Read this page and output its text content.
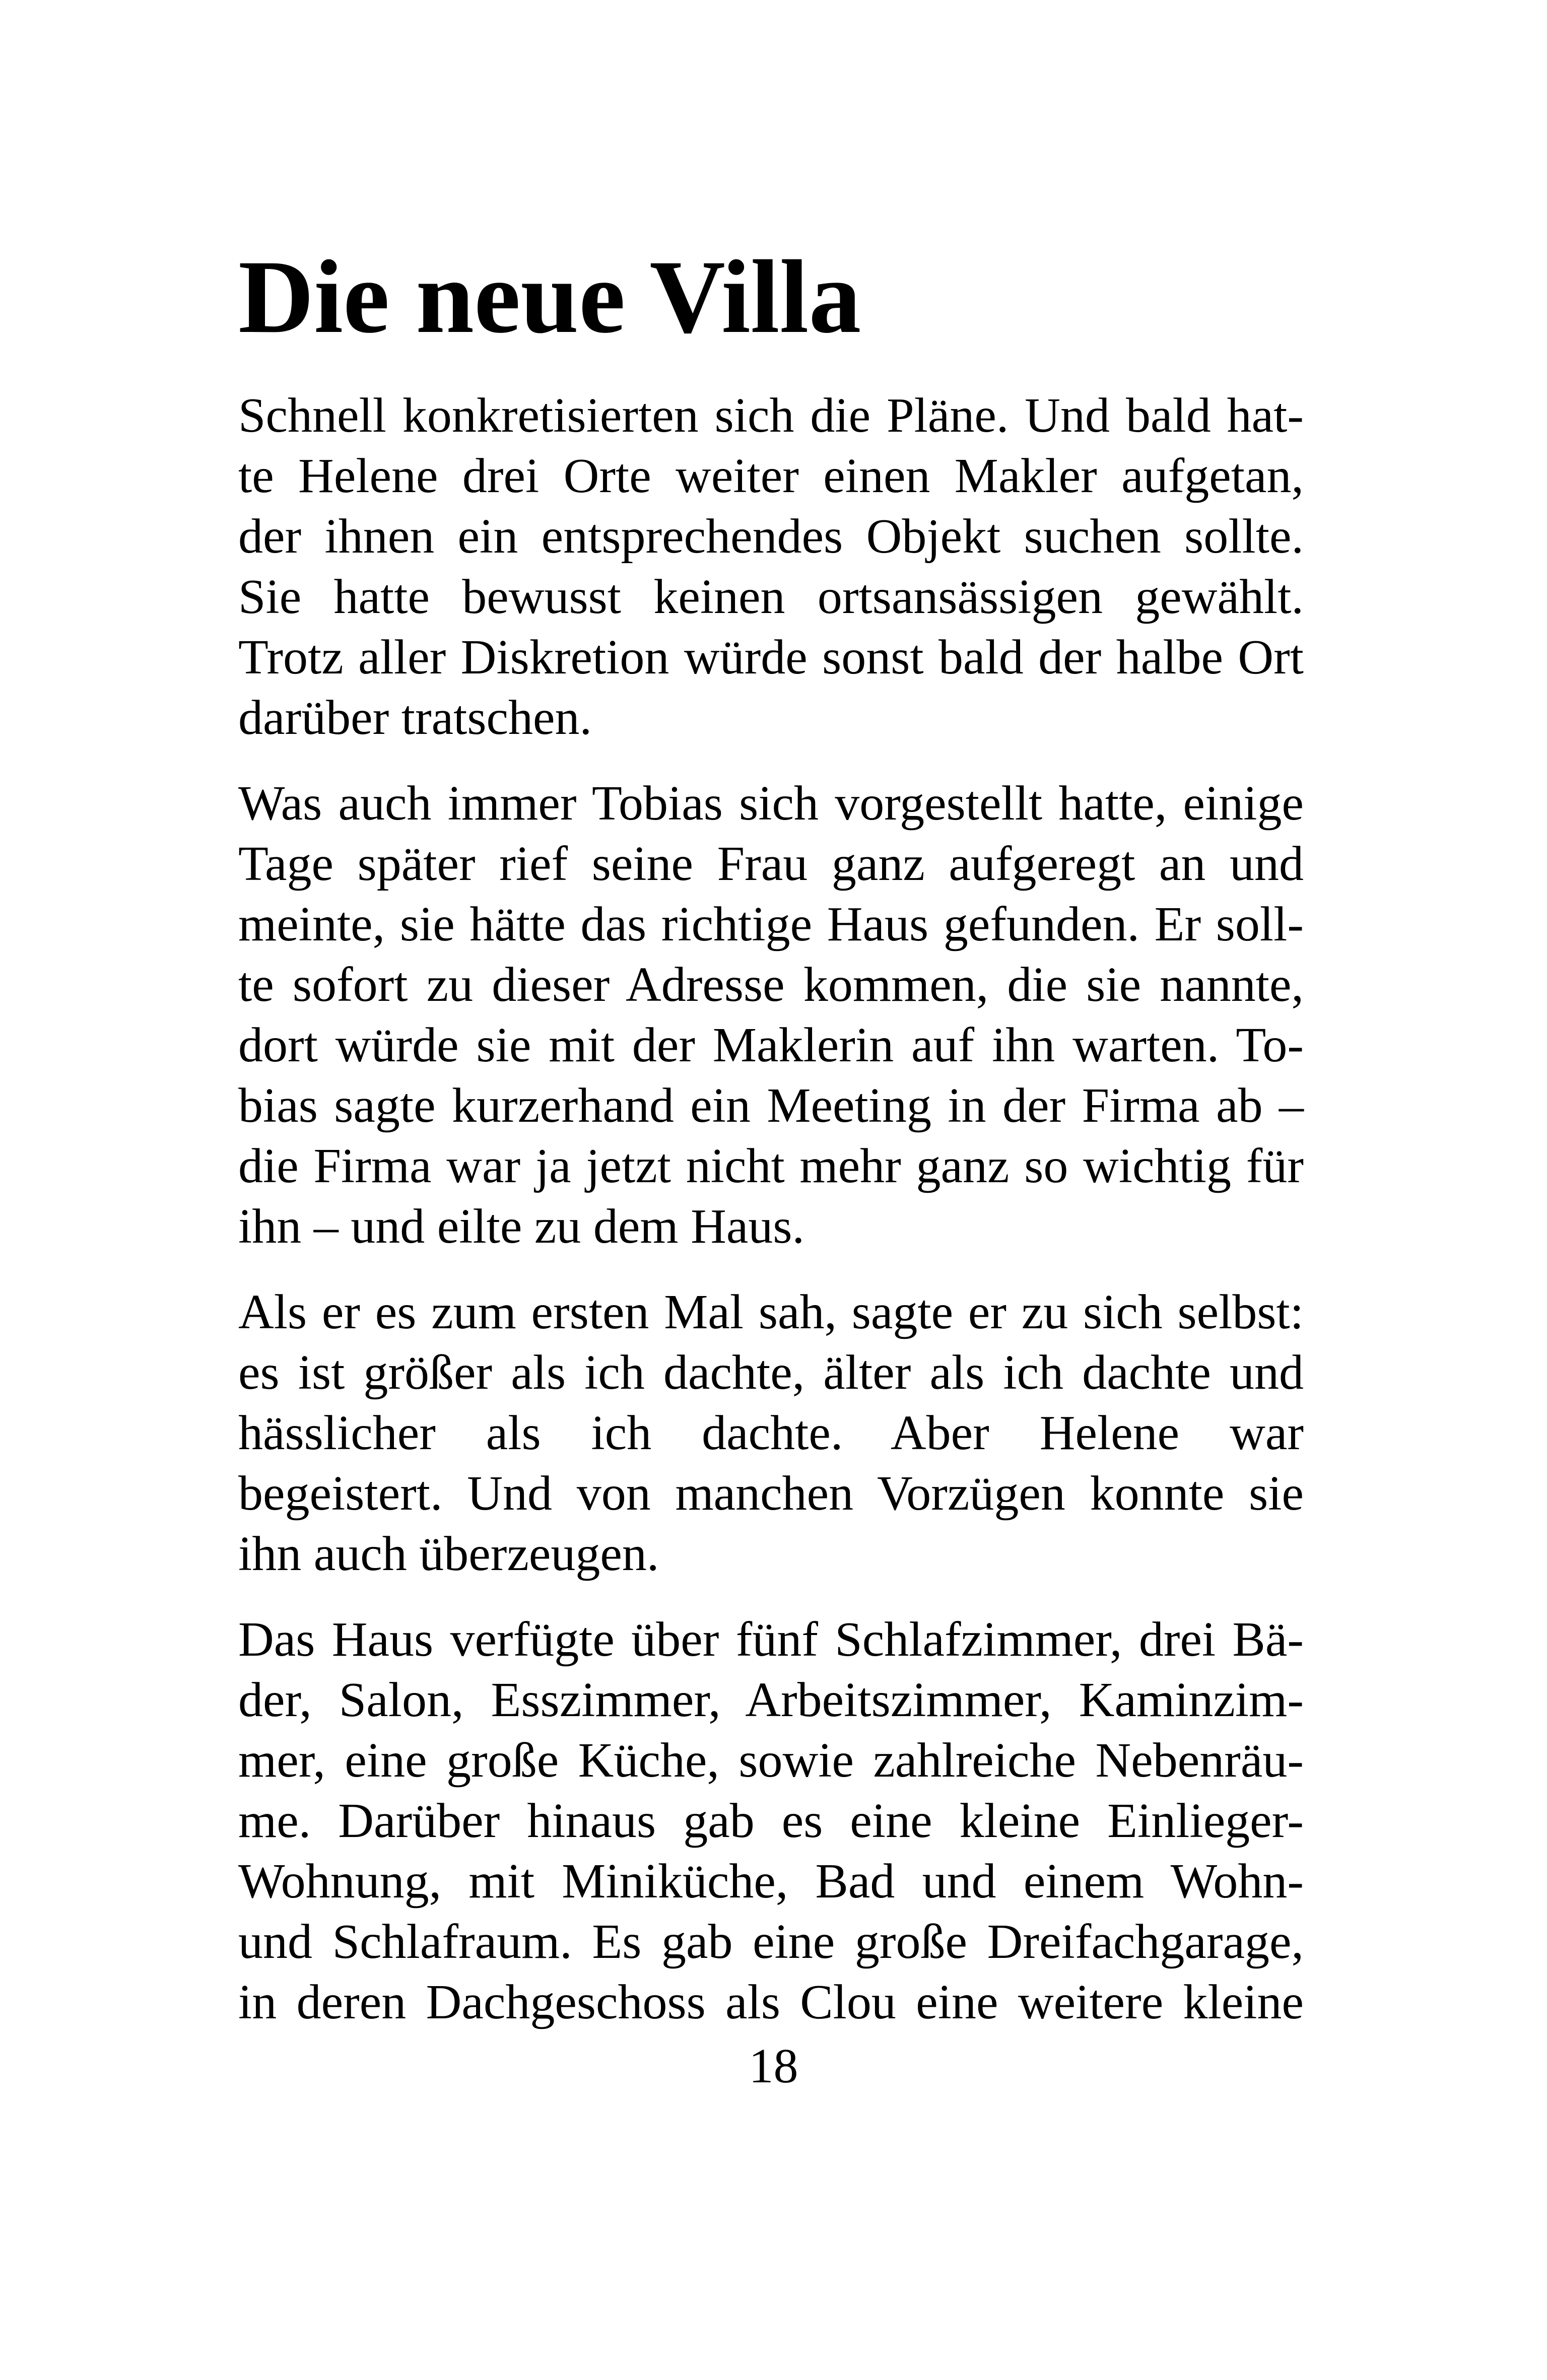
Die neue Villa
Schnell konkretisierten sich die Pläne. Und bald hat-
te Helene drei Orte weiter einen Makler aufgetan,
der ihnen ein entsprechendes Objekt suchen sollte.
Sie hatte bewusst keinen ortsansässigen gewählt.
Trotz aller Diskretion würde sonst bald der halbe Ort
darüber tratschen.
Was auch immer Tobias sich vorgestellt hatte, einige
Tage später rief seine Frau ganz aufgeregt an und
meinte, sie hätte das richtige Haus gefunden. Er soll-
te sofort zu dieser Adresse kommen, die sie nannte,
dort würde sie mit der Maklerin auf ihn warten. To-
bias sagte kurzerhand ein Meeting in der Firma ab –
die Firma war ja jetzt nicht mehr ganz so wichtig für
ihn – und eilte zu dem Haus.
Als er es zum ersten Mal sah, sagte er zu sich selbst:
es ist größer als ich dachte, älter als ich dachte und
hässlicher als ich dachte. Aber Helene war
begeistert. Und von manchen Vorzügen konnte sie
ihn auch überzeugen.
Das Haus verfügte über fünf Schlafzimmer, drei Bä-
der, Salon, Esszimmer, Arbeitszimmer, Kaminzim-
mer, eine große Küche, sowie zahlreiche Nebenräu-
me. Darüber hinaus gab es eine kleine Einlieger-
Wohnung, mit Miniküche, Bad und einem Wohn-
und Schlafraum. Es gab eine große Dreifachgarage,
in deren Dachgeschoss als Clou eine weitere kleine
18
